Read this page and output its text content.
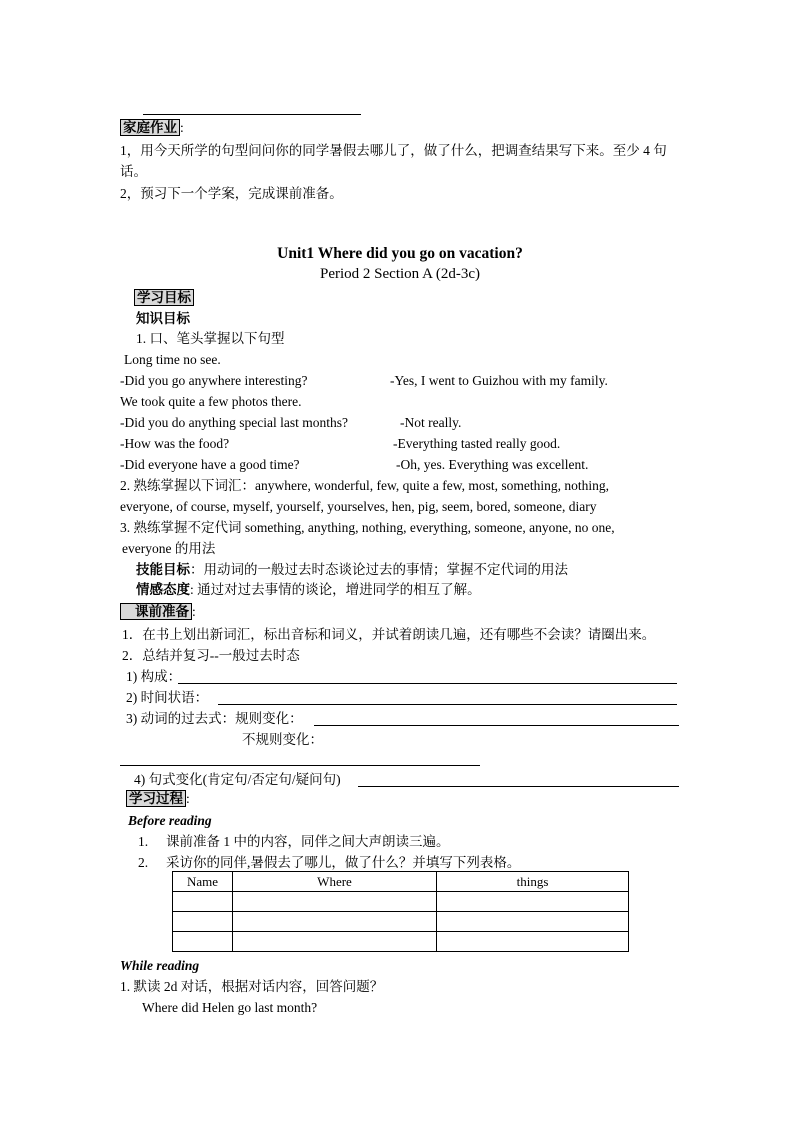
家庭作业 :
1，用今天所学的句型问问你的同学暑假去哪儿了，做了什么，把调查结果写下来。至少 4 句
话。
2，预习下一个学案，完成课前准备。
Unit1 Where did you go on vacation?
Period 2 Section A (2d-3c)
学习目标
知识目标
1. 口、笔头掌握以下句型
Long time no see.
-Did you go anywhere interesting?	-Yes, I went to Guizhou with my family.
We took quite a few photos there.
-Did you do anything special last months?	-Not really.
-How was the food?	-Everything tasted really good.
-Did everyone have a good time?	-Oh, yes. Everything was excellent.
2. 熟练掌握以下词汇：anywhere, wonderful, few, quite a few, most, something, nothing,
everyone, of course, myself, yourself, yourselves, hen, pig, seem, bored, someone, diary
3. 熟练掌握不定代词 something, anything, nothing, everything, someone, anyone, no one,
everyone 的用法
技能目标：用动词的一般过去时态谈论过去的事情；掌握不定代词的用法
情感态度: 通过对过去事情的谈论，增进同学的相互了解。
课前准备 :
1．在书上划出新词汇，标出音标和词义，并试着朗读几遍，还有哪些不会读？请圈出来。
2．总结并复习--一般过去时态
1) 构成：
2) 时间状语：
3) 动词的过去式：规则变化：
不规则变化：
4) 句式变化(肯定句/否定句/疑问句)
学习过程 :
Before reading
1. 课前准备 1 中的内容，同伴之间大声朗读三遍。
2. 采访你的同伴,暑假去了哪儿，做了什么？并填写下列表格。
Name	Where	things

While reading
1. 默读 2d 对话，根据对话内容，回答问题？
Where did Helen go last month?
